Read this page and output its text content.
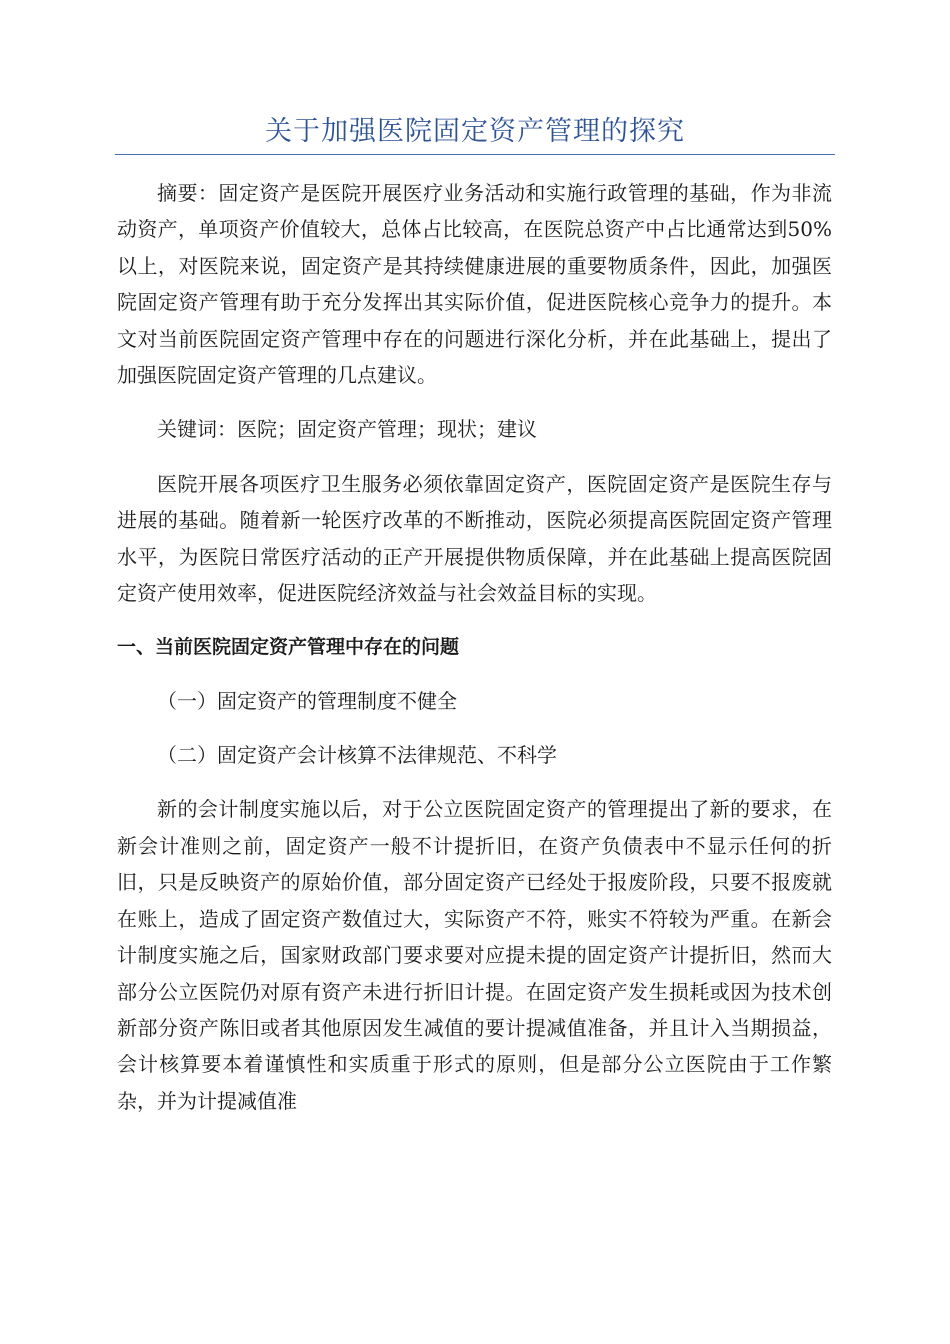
关于加强医院固定资产管理的探究

摘要：固定资产是医院开展医疗业务活动和实施行政管理的基础，作为非流动资产，单项资产价值较大，总体占比较高，在医院总资产中占比通常达到50%以上，对医院来说，固定资产是其持续健康进展的重要物质条件，因此，加强医院固定资产管理有助于充分发挥出其实际价值，促进医院核心竞争力的提升。本文对当前医院固定资产管理中存在的问题进行深化分析，并在此基础上，提出了加强医院固定资产管理的几点建议。

关键词：医院；固定资产管理；现状；建议

医院开展各项医疗卫生服务必须依靠固定资产，医院固定资产是医院生存与进展的基础。随着新一轮医疗改革的不断推动，医院必须提高医院固定资产管理水平，为医院日常医疗活动的正产开展提供物质保障，并在此基础上提高医院固定资产使用效率，促进医院经济效益与社会效益目标的实现。

一、当前医院固定资产管理中存在的问题
（一）固定资产的管理制度不健全
（二）固定资产会计核算不法律规范、不科学

新的会计制度实施以后，对于公立医院固定资产的管理提出了新的要求，在新会计准则之前，固定资产一般不计提折旧，在资产负债表中不显示任何的折旧，只是反映资产的原始价值，部分固定资产已经处于报废阶段，只要不报废就在账上，造成了固定资产数值过大，实际资产不符，账实不符较为严重。在新会计制度实施之后，国家财政部门要求要对应提未提的固定资产计提折旧，然而大部分公立医院仍对原有资产未进行折旧计提。在固定资产发生损耗或因为技术创新部分资产陈旧或者其他原因发生减值的要计提减值准备，并且计入当期损益，会计核算要本着谨慎性和实质重于形式的原则，但是部分公立医院由于工作繁杂，并为计提减值准
